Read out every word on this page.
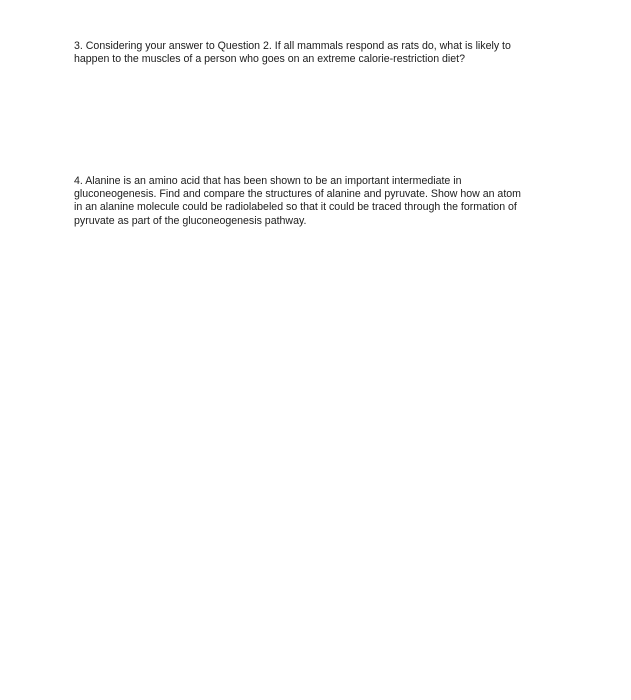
3. Considering your answer to Question 2. If all mammals respond as rats do, what is likely to
happen to the muscles of a person who goes on an extreme calorie-restriction diet?

4. Alanine is an amino acid that has been shown to be an important intermediate in
gluconeogenesis. Find and compare the structures of alanine and pyruvate. Show how an atom
in an alanine molecule could be radiolabeled so that it could be traced through the formation of
pyruvate as part of the gluconeogenesis pathway.
